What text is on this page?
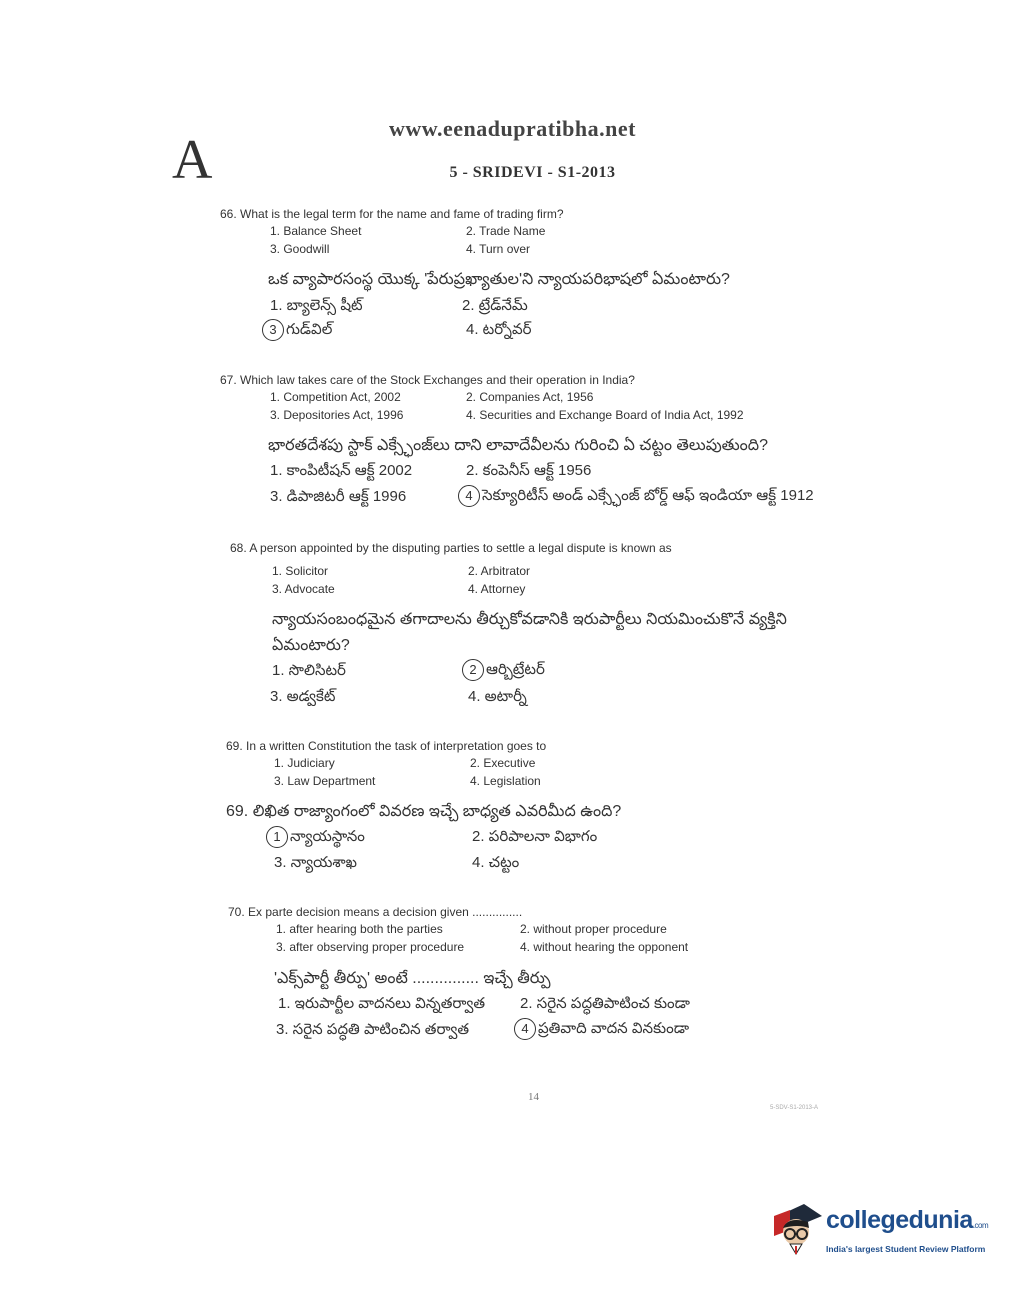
www.eenadupratibha.net
A	5 - SRIDEVI - S1-2013
66. What is the legal term for the name and fame of trading firm?
1. Balance Sheet	2. Trade Name
3. Goodwill	4. Turn over
ఒక వ్యాపారసంస్థ యొక్క 'పేరుప్రఖ్యాతుల'ని న్యాయపరిభాషలో ఏమంటారు?
1. బ్యాలెన్స్ షీట్	2. ట్రేడ్‌నేమ్
3 గుడ్‌విల్	4. టర్నోవర్
67. Which law takes care of the Stock Exchanges and their operation in India?
1. Competition Act, 2002	2. Companies Act, 1956
3. Depositories Act, 1996	4. Securities and Exchange Board of India Act, 1992
భారతదేశపు స్టాక్ ఎక్స్ఛేంజ్‌లు దాని లావాదేవీలను గురించి ఏ చట్టం తెలుపుతుంది?
1. కాంపిటీషన్ ఆక్ట్ 2002	2. కంపెనీస్ ఆక్ట్ 1956
3. డిపాజిటరీ ఆక్ట్ 1996	4 సెక్యూరిటీస్ అండ్ ఎక్స్ఛేంజ్ బోర్డ్ ఆఫ్ ఇండియా ఆక్ట్ 1912
68. A person appointed by the disputing parties to settle a legal dispute is known as
1. Solicitor	2. Arbitrator
3. Advocate	4. Attorney
న్యాయసంబంధమైన తగాదాలను తీర్చుకోవడానికి ఇరుపార్టీలు నియమించుకొనే వ్యక్తిని
ఏమంటారు?
1. సొలిసిటర్	2 ఆర్బిట్రేటర్
3. అడ్వకేట్	4. అటార్నీ
69. In a written Constitution the task of interpretation goes to
1. Judiciary	2. Executive
3. Law Department	4. Legislation
69. లిఖిత రాజ్యాంగంలో వివరణ ఇచ్చే బాధ్యత ఎవరిమీద ఉంది?
1 న్యాయస్థానం	2. పరిపాలనా విభాగం
3. న్యాయశాఖ	4. చట్టం
70. Ex parte decision means a decision given ...............
1. after hearing both the parties	2. without proper procedure
3. after observing proper procedure	4. without hearing the opponent
'ఎక్స్‌పార్టీ తీర్పు' అంటే ............... ఇచ్చే తీర్పు
1. ఇరుపార్టీల వాదనలు విన్నతర్వాత 2. సరైన పద్ధతిపాటించ కుండా
3. సరైన పద్ధతి పాటించిన తర్వాత	4 ప్రతివాది వాదన వినకుండా
14
5-SDV-S1-2013-A
collegedunia.com
India's largest Student Review Platform
